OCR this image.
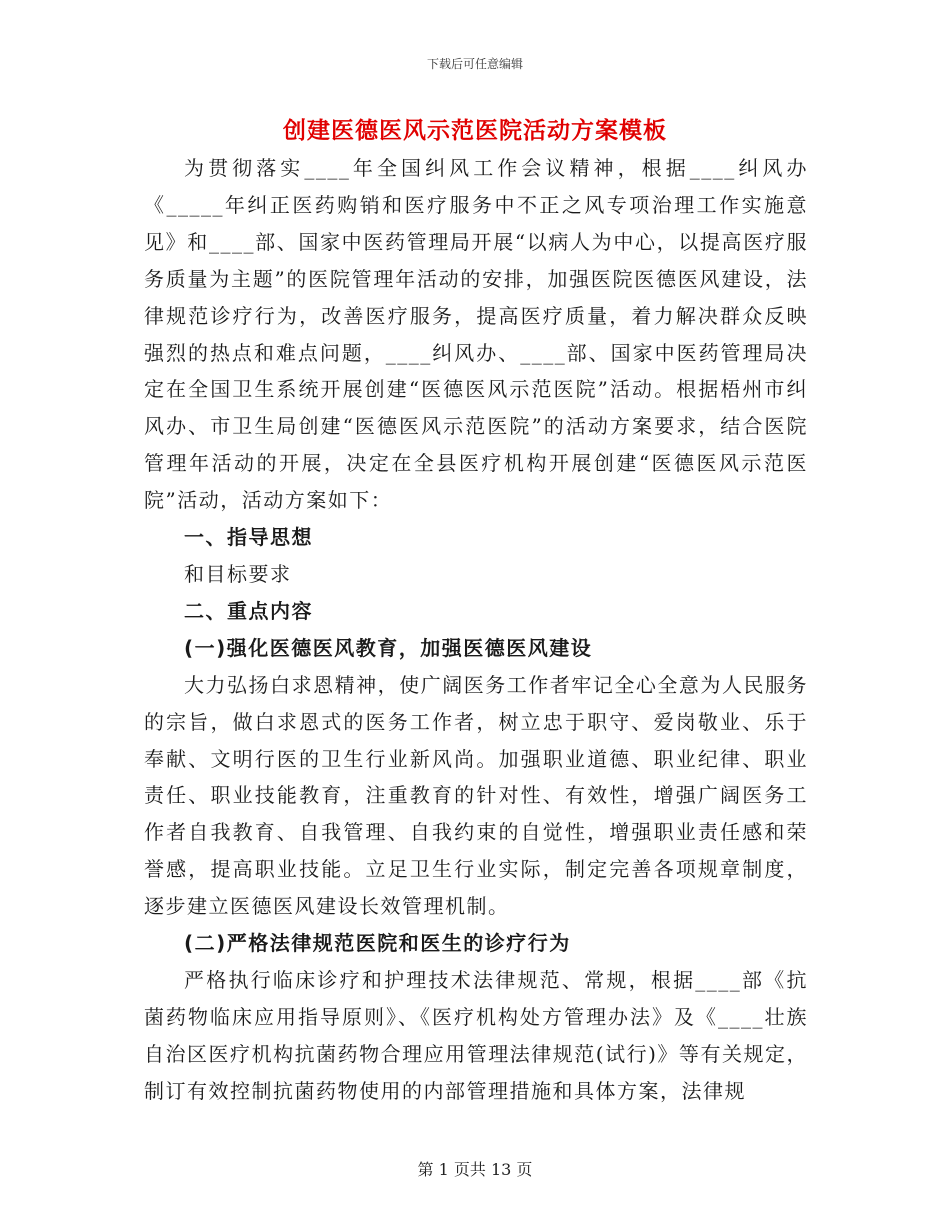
下载后可任意编辑
创建医德医风示范医院活动方案模板

为贯彻落实____年全国纠风工作会议精神，根据____纠风办《_____年纠正医药购销和医疗服务中不正之风专项治理工作实施意见》和____部、国家中医药管理局开展“以病人为中心，以提高医疗服务质量为主题”的医院管理年活动的安排，加强医院医德医风建设，法律规范诊疗行为，改善医疗服务，提高医疗质量，着力解决群众反映强烈的热点和难点问题，____纠风办、____部、国家中医药管理局决定在全国卫生系统开展创建“医德医风示范医院”活动。根据梧州市纠风办、市卫生局创建“医德医风示范医院”的活动方案要求，结合医院管理年活动的开展，决定在全县医疗机构开展创建“医德医风示范医院”活动，活动方案如下：

一、指导思想

和目标要求

二、重点内容

(一)强化医德医风教育，加强医德医风建设

大力弘扬白求恩精神，使广阔医务工作者牢记全心全意为人民服务的宗旨，做白求恩式的医务工作者，树立忠于职守、爱岗敬业、乐于奉献、文明行医的卫生行业新风尚。加强职业道德、职业纪律、职业责任、职业技能教育，注重教育的针对性、有效性，增强广阔医务工作者自我教育、自我管理、自我约束的自觉性，增强职业责任感和荣誉感，提高职业技能。立足卫生行业实际，制定完善各项规章制度，逐步建立医德医风建设长效管理机制。

(二)严格法律规范医院和医生的诊疗行为

严格执行临床诊疗和护理技术法律规范、常规，根据____部《抗菌药物临床应用指导原则》、《医疗机构处方管理办法》及《____壮族自治区医疗机构抗菌药物合理应用管理法律规范(试行)》等有关规定，制订有效控制抗菌药物使用的内部管理措施和具体方案，法律规

第 1 页共 13 页
